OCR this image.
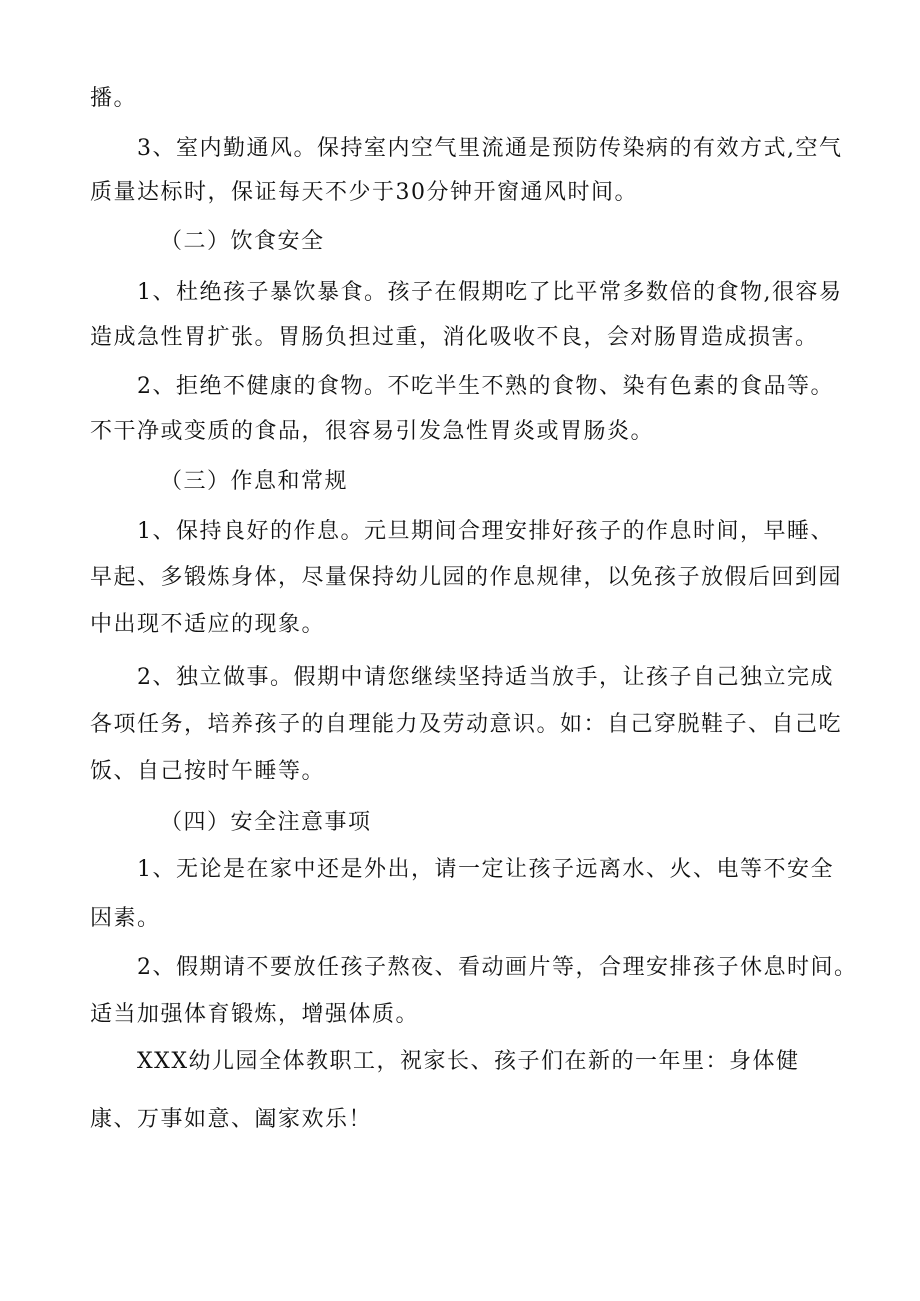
播。
3、室内勤通风。保持室内空气里流通是预防传染病的有效方式,空气
质量达标时，保证每天不少于30分钟开窗通风时间。
（二）饮食安全
1、杜绝孩子暴饮暴食。孩子在假期吃了比平常多数倍的食物,很容易
造成急性胃扩张。胃肠负担过重，消化吸收不良，会对肠胃造成损害。
2、拒绝不健康的食物。不吃半生不熟的食物、染有色素的食品等。
不干净或变质的食品，很容易引发急性胃炎或胃肠炎。
（三）作息和常规
1、保持良好的作息。元旦期间合理安排好孩子的作息时间，早睡、
早起、多锻炼身体，尽量保持幼儿园的作息规律，以免孩子放假后回到园
中出现不适应的现象。
2、独立做事。假期中请您继续坚持适当放手，让孩子自己独立完成
各项任务，培养孩子的自理能力及劳动意识。如：自己穿脱鞋子、自己吃
饭、自己按时午睡等。
（四）安全注意事项
1、无论是在家中还是外出，请一定让孩子远离水、火、电等不安全
因素。
2、假期请不要放任孩子熬夜、看动画片等，合理安排孩子休息时间。
适当加强体育锻炼，增强体质。
XXX幼儿园全体教职工，祝家长、孩子们在新的一年里：身体健
康、万事如意、阖家欢乐！
